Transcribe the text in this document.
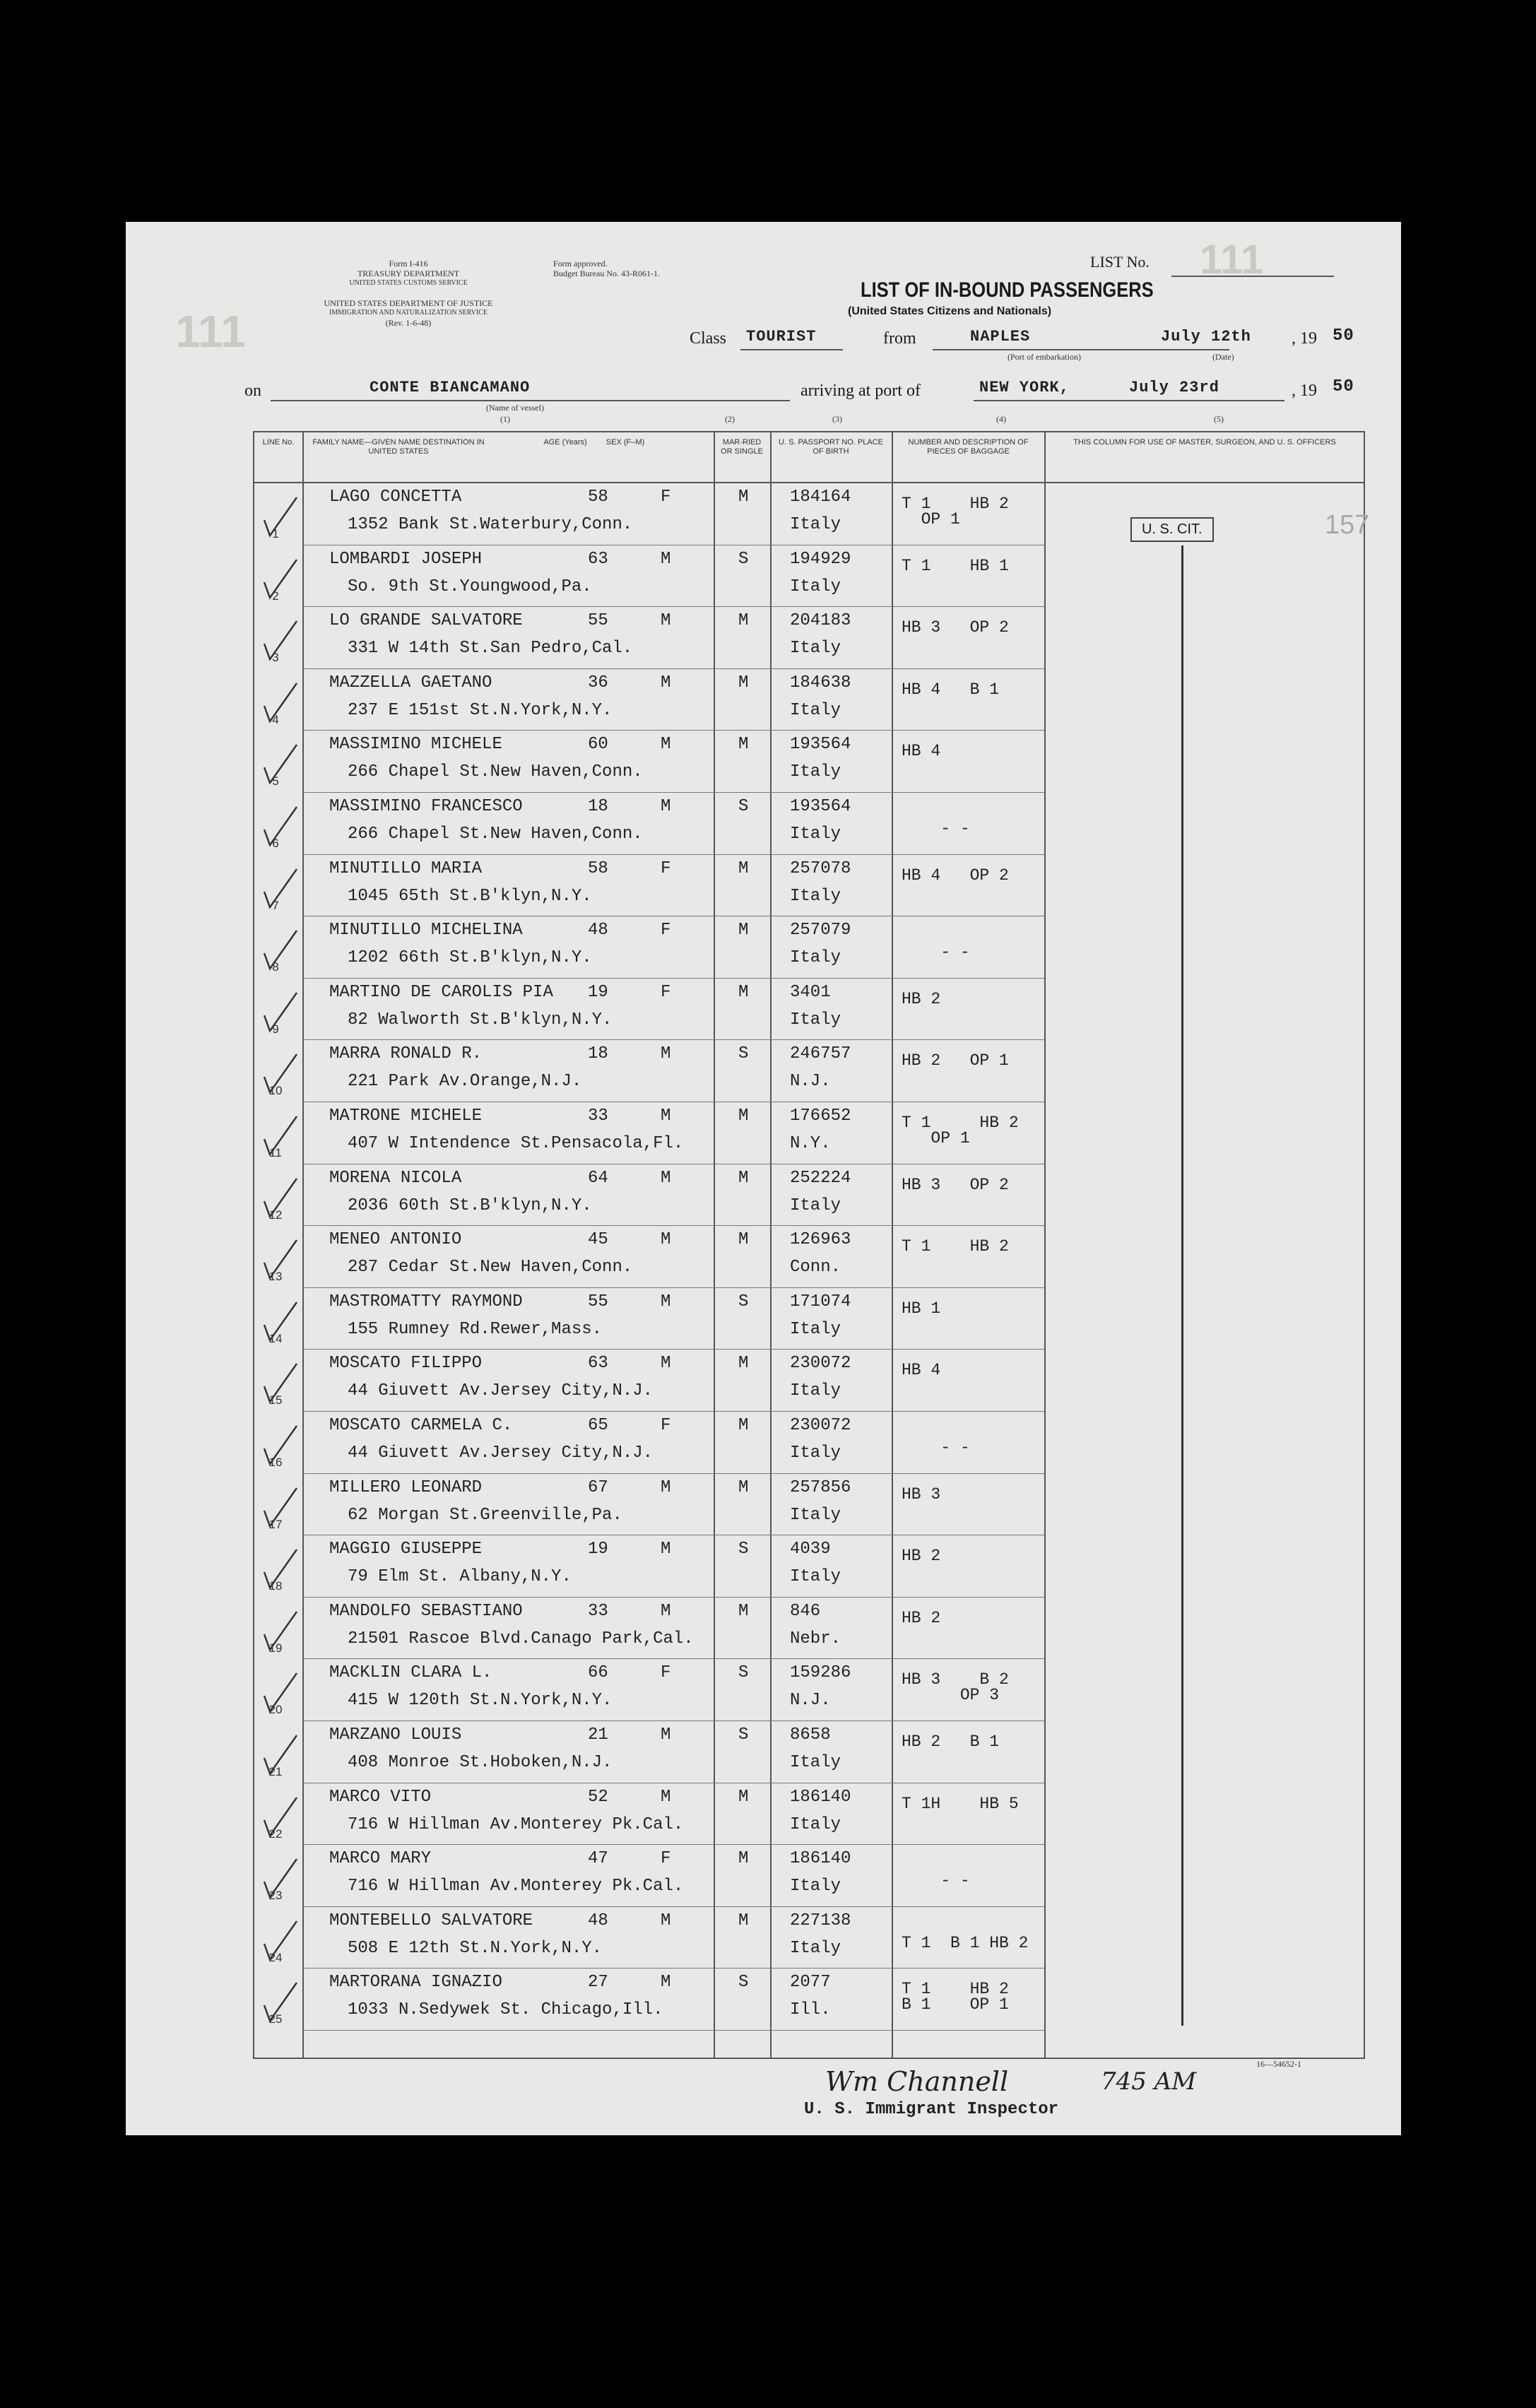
Form I-416
TREASURY DEPARTMENT
UNITED STATES CUSTOMS SERVICE
UNITED STATES DEPARTMENT OF JUSTICE
IMMIGRATION AND NATURALIZATION SERVICE
(Rev. 1-6-48)
111
Form approved.
Budget Bureau No. 43-R061-1.
LIST No. 111
LIST OF IN-BOUND PASSENGERS
(United States Citizens and Nationals)
Class TOURIST	from	NAPLES
(Port of embarkation)
July 12th , 19 50
(Date)
on	CONTE BIANCAMANO
(Name of vessel)
arriving at port of	NEW YORK,	July 23rd	, 19 50
(1)	(2)	(3)	(4)	(5)
LINE No.	FAMILY NAME—GIVEN NAME DESTINATION IN UNITED STATES
AGE (Years)	SEX (F–M)	MAR-RIED OR SINGLE
U. S. PASSPORT NO. PLACE OF BIRTH
NUMBER AND DESCRIPTION OF PIECES OF BAGGAGE
THIS COLUMN FOR USE OF MASTER, SURGEON, AND U. S. OFFICERS
1
LAGO CONCETTA	58	F	M 184164
1352 Bank St.Waterbury,Conn.	Italy
T 1    HB 2
OP 1
2
LOMBARDI JOSEPH	63	M	S 194929
So. 9th St.Youngwood,Pa.	Italy
T 1    HB 1
3
LO GRANDE SALVATORE	55	M	M 204183
331 W 14th St.San Pedro,Cal.	Italy
HB 3   OP 2
4
MAZZELLA GAETANO	36	M	M 184638
237 E 151st St.N.York,N.Y.	Italy
HB 4   B 1
5
MASSIMINO MICHELE	60	M	M 193564
266 Chapel St.New Haven,Conn.	Italy
HB 4
6
MASSIMINO FRANCESCO	18	M	S 193564
266 Chapel St.New Haven,Conn.	Italy	- -
7
MINUTILLO MARIA	58	F	M 257078
1045 65th St.B'klyn,N.Y.	Italy
HB 4   OP 2
8
MINUTILLO MICHELINA	48	F	M 257079
1202 66th St.B'klyn,N.Y.	Italy	- -
9
MARTINO DE CAROLIS PIA 19	F	M 3401
82 Walworth St.B'klyn,N.Y.	Italy
HB 2
10
MARRA RONALD R.	18	M	S 246757
221 Park Av.Orange,N.J.	N.J.
HB 2   OP 1
11
MATRONE MICHELE	33	M	M 176652
407 W Intendence St.Pensacola,Fl.	N.Y.
T 1     HB 2
OP 1
12
MORENA NICOLA	64	M	M 252224
2036 60th St.B'klyn,N.Y.	Italy
HB 3   OP 2
13
MENEO ANTONIO	45	M	M 126963
287 Cedar St.New Haven,Conn.	Conn.
T 1    HB 2
14
MASTROMATTY RAYMOND	55	M	S 171074
155 Rumney Rd.Rewer,Mass.	Italy
HB 1
15
MOSCATO FILIPPO	63	M	M 230072
44 Giuvett Av.Jersey City,N.J.	Italy
HB 4
16
MOSCATO CARMELA C.	65	F	M 230072
44 Giuvett Av.Jersey City,N.J.	Italy	- -
17
MILLERO LEONARD	67	M	M 257856
62 Morgan St.Greenville,Pa.	Italy
HB 3
18
MAGGIO GIUSEPPE	19	M	S 4039
79 Elm St. Albany,N.Y.	Italy
HB 2
19
MANDOLFO SEBASTIANO	33	M	M 846
21501 Rascoe Blvd.Canago Park,Cal.	Nebr.
HB 2
20
MACKLIN CLARA L.	66	F	S 159286
415 W 120th St.N.York,N.Y.	N.J.
HB 3    B 2
OP 3
21
MARZANO LOUIS	21	M	S 8658
408 Monroe St.Hoboken,N.J.	Italy
HB 2   B 1
22
MARCO VITO	52	M	M 186140
716 W Hillman Av.Monterey Pk.Cal.	Italy
T 1H    HB 5
23
MARCO MARY	47	F	M 186140
716 W Hillman Av.Monterey Pk.Cal.	Italy	- -
24
MONTEBELLO SALVATORE	48	M	M 227138
508 E 12th St.N.York,N.Y.	Italy	T 1  B 1 HB 2
25
MARTORANA IGNAZIO	27	M	S 2077
1033 N.Sedywek St. Chicago,Ill.	Ill.
T 1    HB 2
B 1    OP 1
U. S. CIT.	157
Wm Channell	745 AM
U. S. Immigrant Inspector
16—54652-1
